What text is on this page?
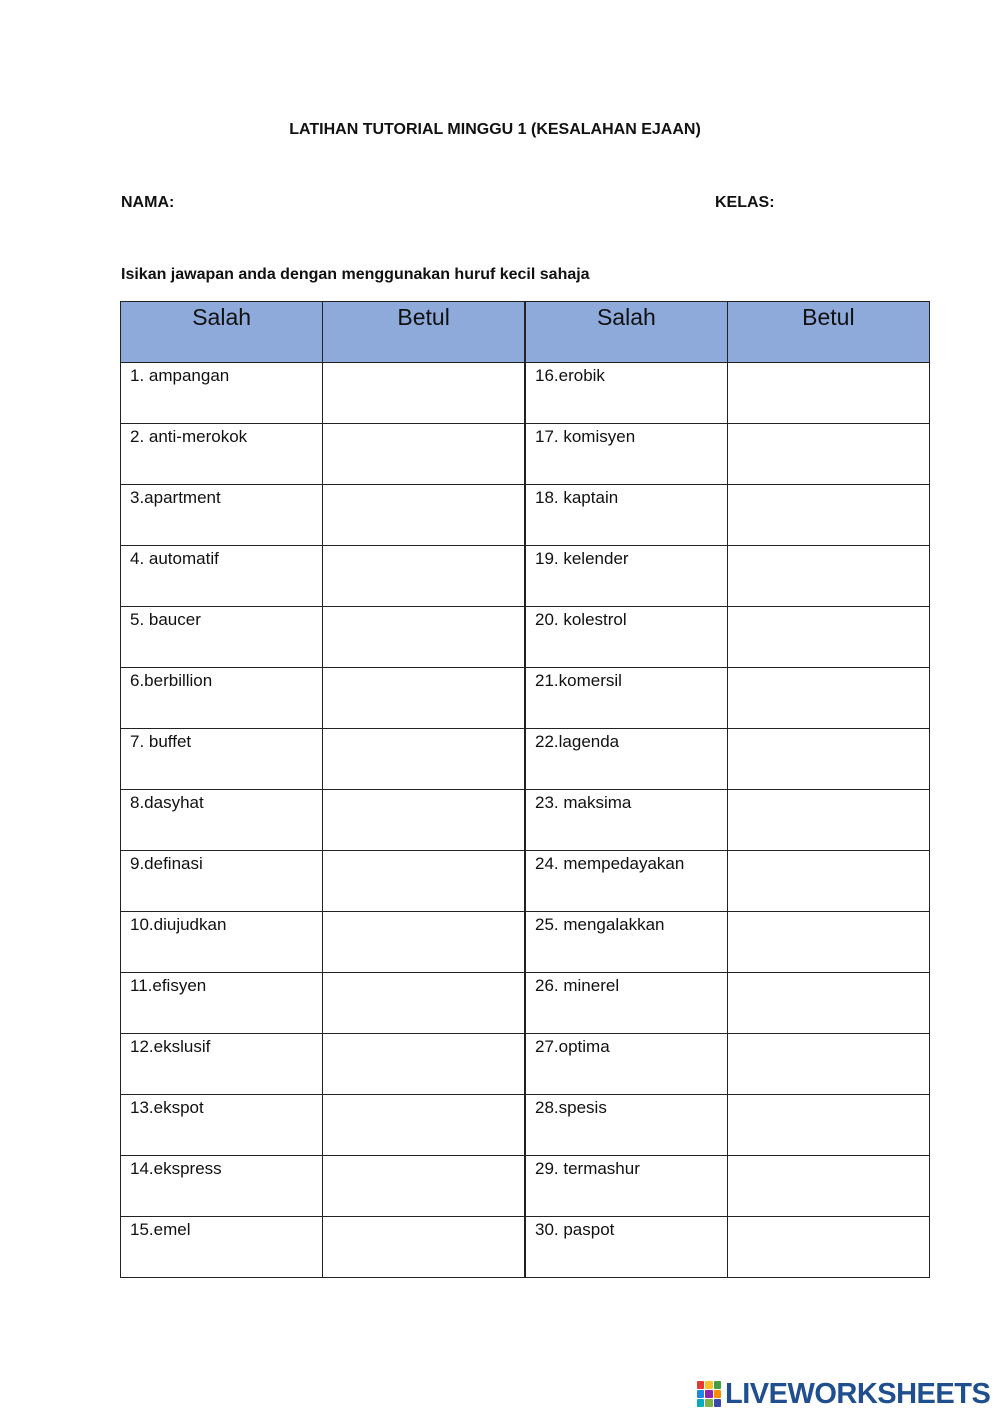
LATIHAN TUTORIAL MINGGU 1 (KESALAHAN EJAAN)
NAMA:	KELAS:
Isikan jawapan anda dengan menggunakan huruf kecil sahaja
Salah	Betul	Salah	Betul
1. ampangan		16.erobik	
2. anti-merokok		17. komisyen	
3.apartment		18. kaptain	
4. automatif		19. kelender	
5. baucer		20. kolestrol	
6.berbillion		21.komersil	
7. buffet		22.lagenda	
8.dasyhat		23. maksima	
9.definasi		24. mempedayakan	
10.diujudkan		25. mengalakkan	
11.efisyen		26. minerel	
12.ekslusif		27.optima	
13.ekspot		28.spesis	
14.ekspress		29. termashur	
15.emel		30. paspot	
LIVEWORKSHEETS
